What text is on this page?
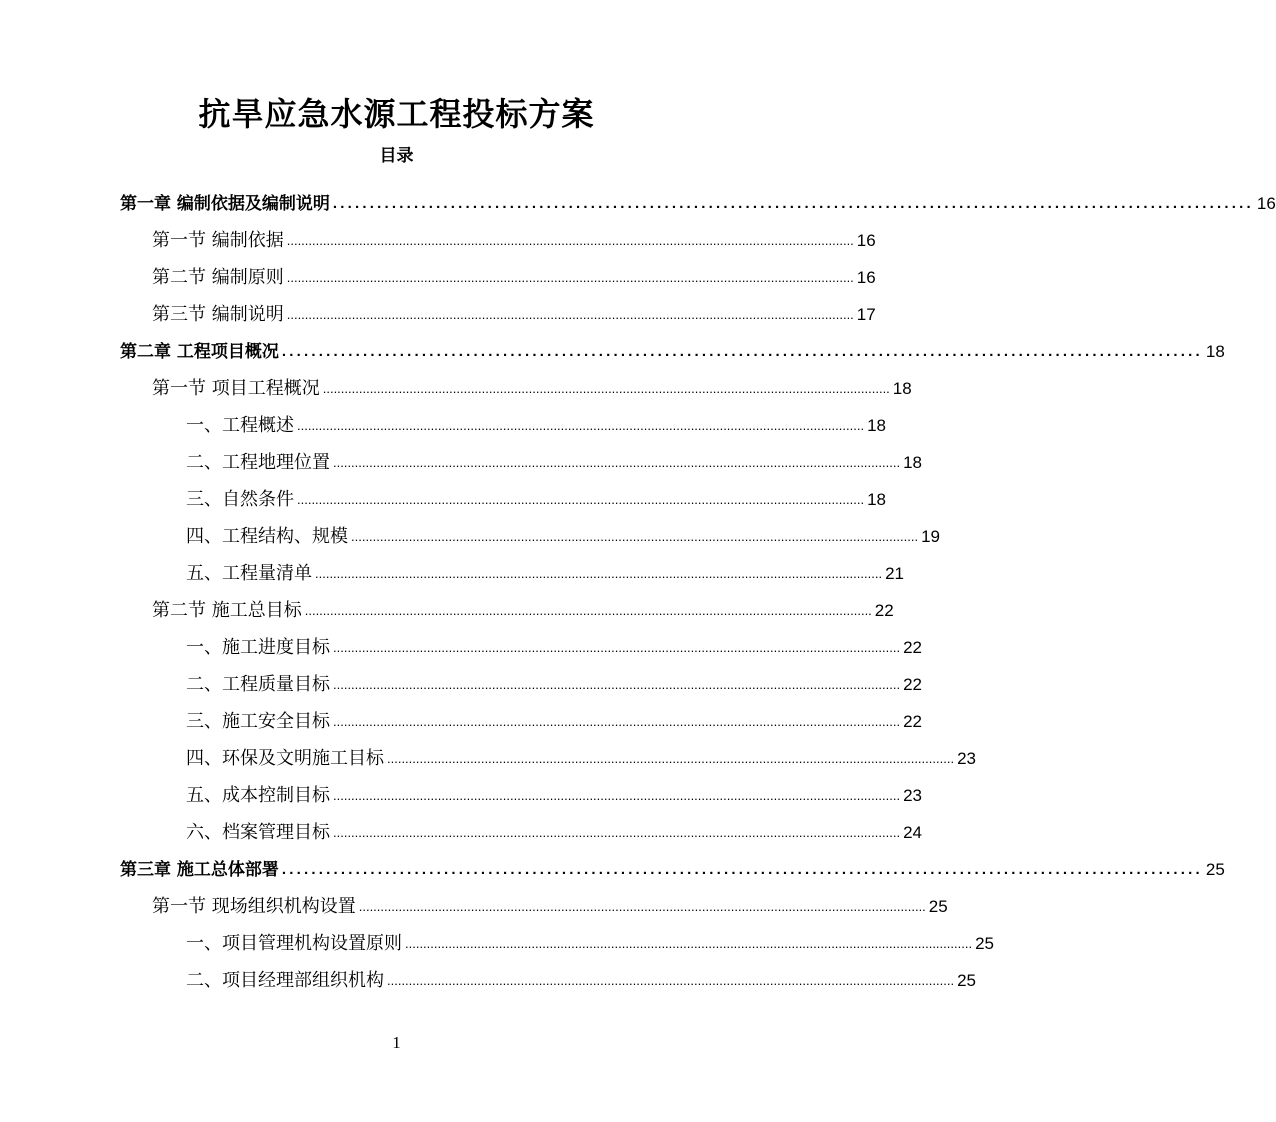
抗旱应急水源工程投标方案
目录
第一章 编制依据及编制说明 ............................................................................................................................. 16
第一节 编制依据 ............................................................................................................................................................. 16
第二节 编制原则 ............................................................................................................................................................. 16
第三节 编制说明 ............................................................................................................................................................. 17
第二章 工程项目概况 ............................................................................................................................. 18
第一节 项目工程概况 ............................................................................................................................................................. 18
一、工程概述 ............................................................................................................................................................. 18
二、工程地理位置 ............................................................................................................................................................. 18
三、自然条件 ............................................................................................................................................................. 18
四、工程结构、规模 ............................................................................................................................................................. 19
五、工程量清单 ............................................................................................................................................................. 21
第二节 施工总目标 ............................................................................................................................................................. 22
一、施工进度目标 ............................................................................................................................................................. 22
二、工程质量目标 ............................................................................................................................................................. 22
三、施工安全目标 ............................................................................................................................................................. 22
四、环保及文明施工目标 ............................................................................................................................................................. 23
五、成本控制目标 ............................................................................................................................................................. 23
六、档案管理目标 ............................................................................................................................................................. 24
第三章 施工总体部署 ............................................................................................................................. 25
第一节 现场组织机构设置 ............................................................................................................................................................. 25
一、项目管理机构设置原则 ............................................................................................................................................................. 25
二、项目经理部组织机构 ............................................................................................................................................................. 25
1
